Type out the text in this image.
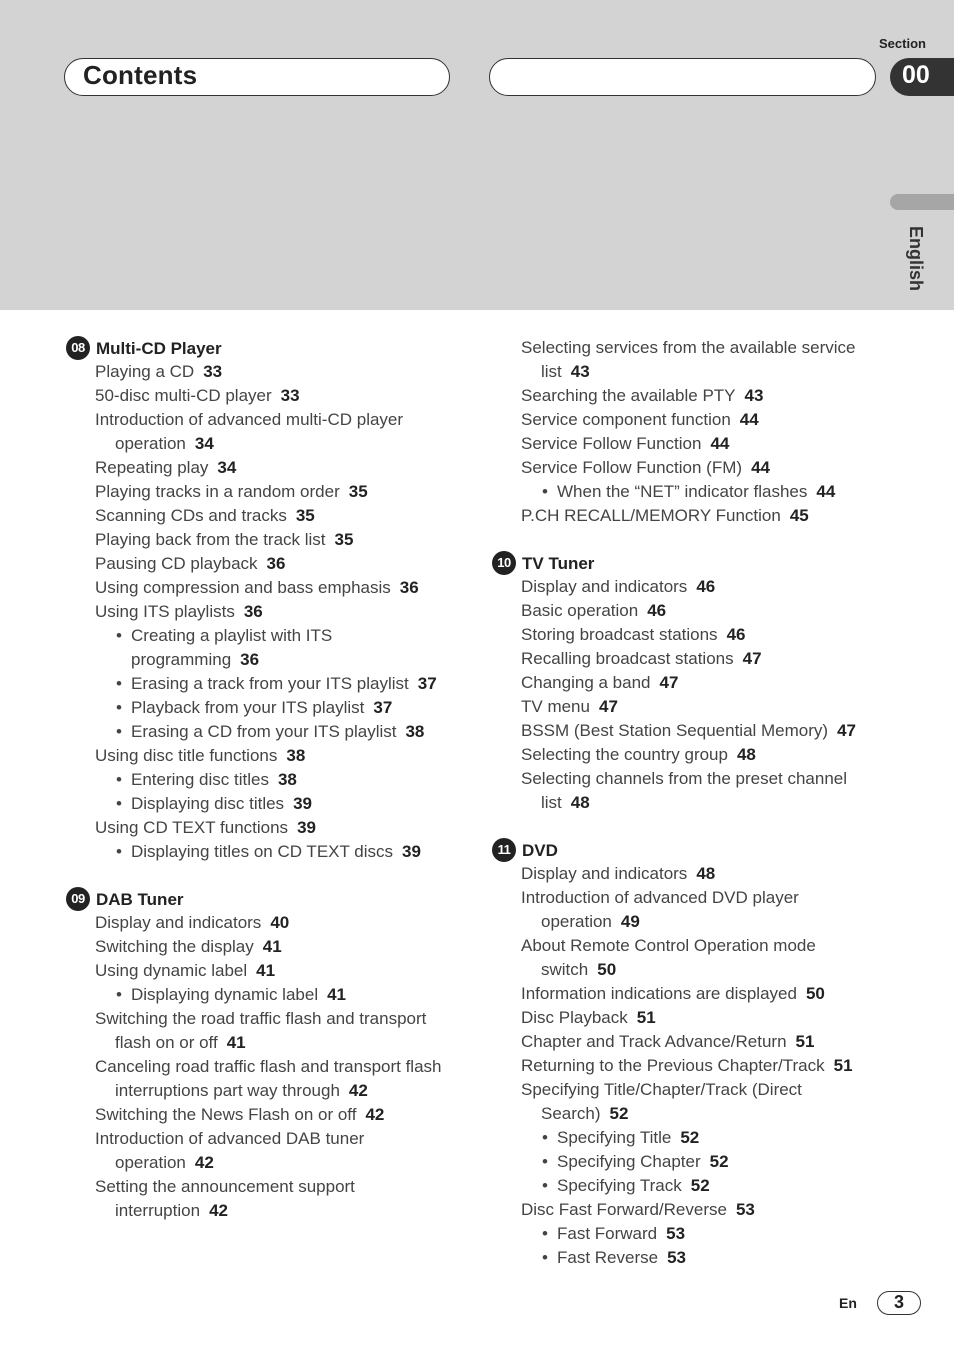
Contents
Section
00
English
08 Multi-CD Player
Playing a CD 33
50-disc multi-CD player 33
Introduction of advanced multi-CD player operation 34
Repeating play 34
Playing tracks in a random order 35
Scanning CDs and tracks 35
Playing back from the track list 35
Pausing CD playback 36
Using compression and bass emphasis 36
Using ITS playlists 36
• Creating a playlist with ITS programming 36
• Erasing a track from your ITS playlist 37
• Playback from your ITS playlist 37
• Erasing a CD from your ITS playlist 38
Using disc title functions 38
• Entering disc titles 38
• Displaying disc titles 39
Using CD TEXT functions 39
• Displaying titles on CD TEXT discs 39
09 DAB Tuner
Display and indicators 40
Switching the display 41
Using dynamic label 41
• Displaying dynamic label 41
Switching the road traffic flash and transport flash on or off 41
Canceling road traffic flash and transport flash interruptions part way through 42
Switching the News Flash on or off 42
Introduction of advanced DAB tuner operation 42
Setting the announcement support interruption 42
Selecting services from the available service list 43
Searching the available PTY 43
Service component function 44
Service Follow Function 44
Service Follow Function (FM) 44
• When the “NET” indicator flashes 44
P.CH RECALL/MEMORY Function 45
10 TV Tuner
Display and indicators 46
Basic operation 46
Storing broadcast stations 46
Recalling broadcast stations 47
Changing a band 47
TV menu 47
BSSM (Best Station Sequential Memory) 47
Selecting the country group 48
Selecting channels from the preset channel list 48
11 DVD
Display and indicators 48
Introduction of advanced DVD player operation 49
About Remote Control Operation mode switch 50
Information indications are displayed 50
Disc Playback 51
Chapter and Track Advance/Return 51
Returning to the Previous Chapter/Track 51
Specifying Title/Chapter/Track (Direct Search) 52
• Specifying Title 52
• Specifying Chapter 52
• Specifying Track 52
Disc Fast Forward/Reverse 53
• Fast Forward 53
• Fast Reverse 53
En	3
